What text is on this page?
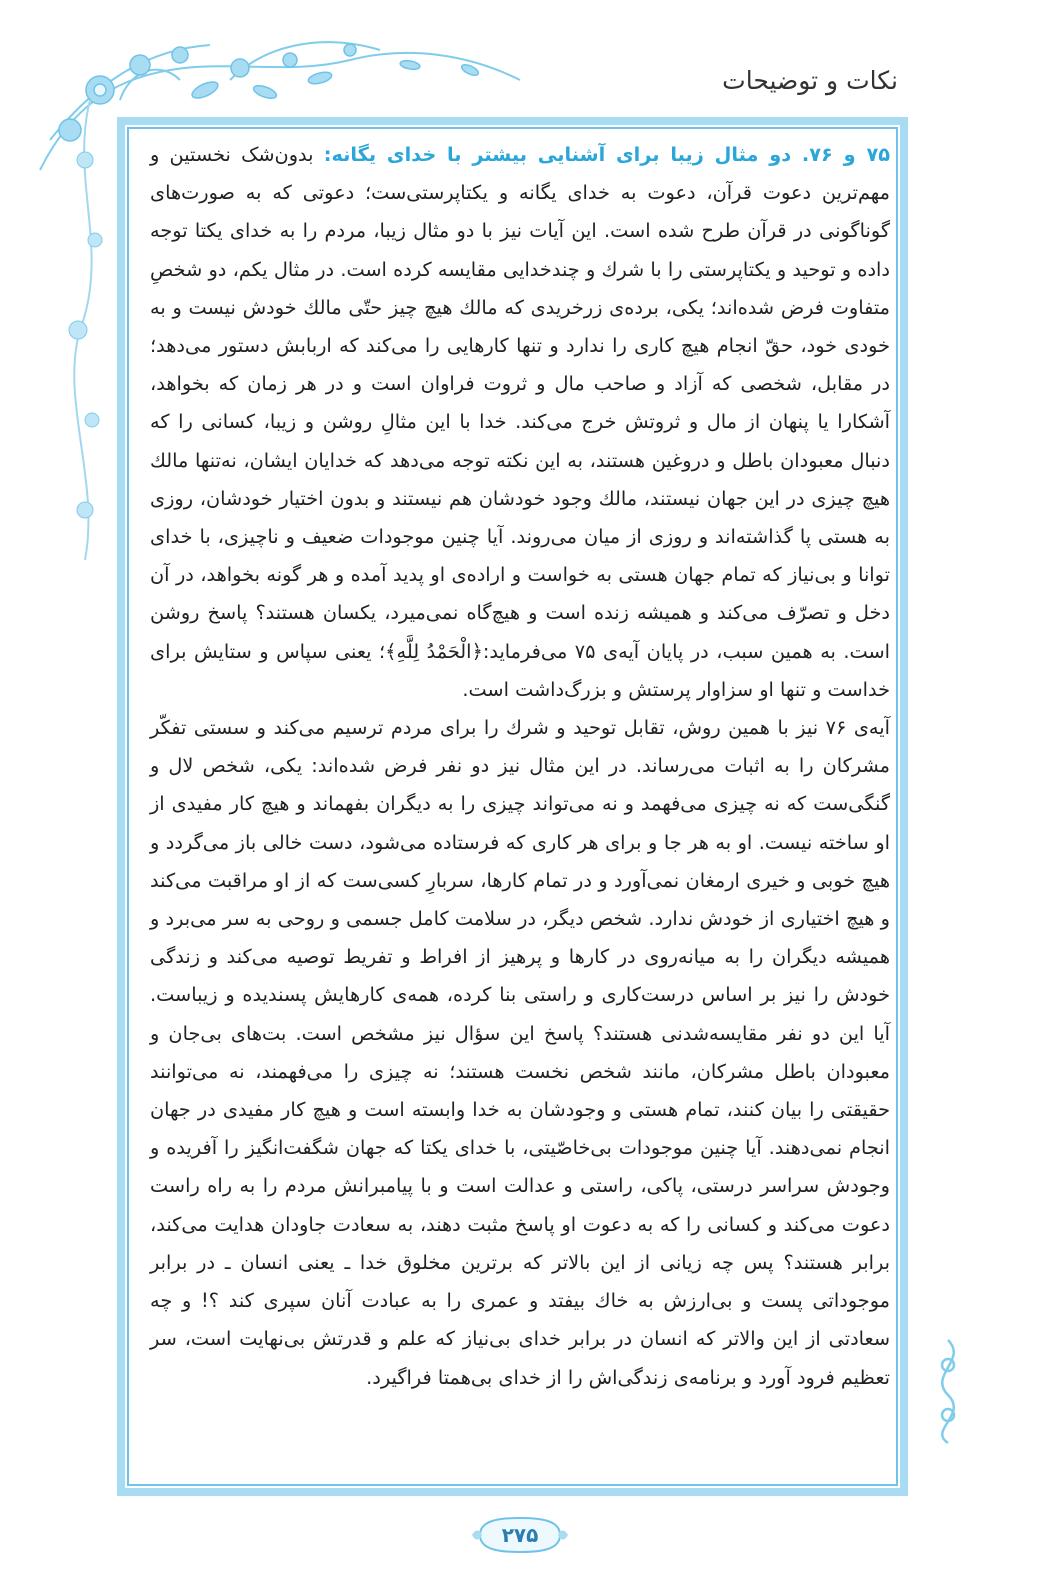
نکات و توضیحات

۷۵ و ۷۶. دو مثال زیبا برای آشنایی بیشتر با خدای یگانه: بدون‌شک نخستین و مهم‌ترین دعوت قرآن، دعوت به خدای یگانه و یکتاپرستی‌ست؛ دعوتی که به صورت‌های گوناگونی در قرآن طرح شده است. این آیات نیز با دو مثال زیبا، مردم را به خدای یکتا توجه داده و توحید و یکتاپرستی را با شرك و چندخدایی مقایسه کرده است. در مثال یکم، دو شخصِ متفاوت فرض شده‌اند؛ یکی، برده‌ی زرخریدی که مالك هیچ چیز حتّی مالك خودش نیست و به خودی خود، حقّ انجام هیچ کاری را ندارد و تنها کارهایی را می‌کند که اربابش دستور می‌دهد؛ در مقابل، شخصی که آزاد و صاحب مال و ثروت فراوان است و در هر زمان که بخواهد، آشکارا یا پنهان از مال و ثروتش خرج می‌کند. خدا با این مثالِ روشن و زیبا، کسانی را که دنبال معبودان باطل و دروغین هستند، به این نکته توجه می‌دهد که خدایان ایشان، نه‌تنها مالك هیچ چیزی در این جهان نیستند، مالك وجود خودشان هم نیستند و بدون اختیار خودشان، روزی به هستی پا گذاشته‌اند و روزی از میان می‌روند. آیا چنین موجودات ضعیف و ناچیزی، با خدای توانا و بی‌نیاز که تمام جهان هستی به خواست و اراده‌ی او پدید آمده و هر گونه بخواهد، در آن دخل و تصرّف می‌کند و همیشه زنده است و هیچ‌گاه نمی‌میرد، یکسان هستند؟ پاسخ روشن است. به همین سبب، در پایان آیه‌ی ۷۵ می‌فرماید:﴿الْحَمْدُ لِلَّهِ﴾؛ یعنی سپاس و ستایش برای خداست و تنها او سزاوار پرستش و بزرگ‌داشت است.

آیه‌ی ۷۶ نیز با همین روش، تقابل توحید و شرك را برای مردم ترسیم می‌کند و سستی تفکّر مشرکان را به اثبات می‌رساند. در این مثال نیز دو نفر فرض شده‌اند: یکی، شخص لال و گنگی‌ست که نه چیزی می‌فهمد و نه می‌تواند چیزی را به دیگران بفهماند و هیچ کار مفیدی از او ساخته نیست. او به هر جا و برای هر کاری که فرستاده می‌شود، دست خالی باز می‌گردد و هیچ خوبی و خیری ارمغان نمی‌آورد و در تمام کارها، سربارِ کسی‌ست که از او مراقبت می‌کند و هیچ اختیاری از خودش ندارد. شخص دیگر، در سلامت کامل جسمی و روحی به سر می‌برد و همیشه دیگران را به میانه‌روی در کارها و پرهیز از افراط و تفریط توصیه می‌کند و زندگی خودش را نیز بر اساس درست‌کاری و راستی بنا کرده، همه‌ی کارهایش پسندیده و زیباست. آیا این دو نفر مقایسه‌شدنی هستند؟ پاسخ این سؤال نیز مشخص است. بت‌های بی‌جان و معبودان باطل مشرکان، مانند شخص نخست هستند؛ نه چیزی را می‌فهمند، نه می‌توانند حقیقتی را بیان کنند، تمام هستی و وجودشان به خدا وابسته است و هیچ کار مفیدی در جهان انجام نمی‌دهند. آیا چنین موجودات بی‌خاصّیتی، با خدای یکتا که جهان شگفت‌انگیز را آفریده و وجودش سراسر درستی، پاکی، راستی و عدالت است و با پیامبرانش مردم را به راه راست دعوت می‌کند و کسانی را که به دعوت او پاسخ مثبت دهند، به سعادت جاودان هدایت می‌کند، برابر هستند؟ پس چه زیانی از این بالاتر که برترین مخلوق خدا ـ یعنی انسان ـ در برابر موجوداتی پست و بی‌ارزش به خاك بیفتد و عمری را به عبادت آنان سپری کند ؟! و چه سعادتی از این والاتر که انسان در برابر خدای بی‌نیاز که علم و قدرتش بی‌نهایت است، سر تعظیم فرود آورد و برنامه‌ی زندگی‌اش را از خدای بی‌همتا فراگیرد.

۲۷۵
